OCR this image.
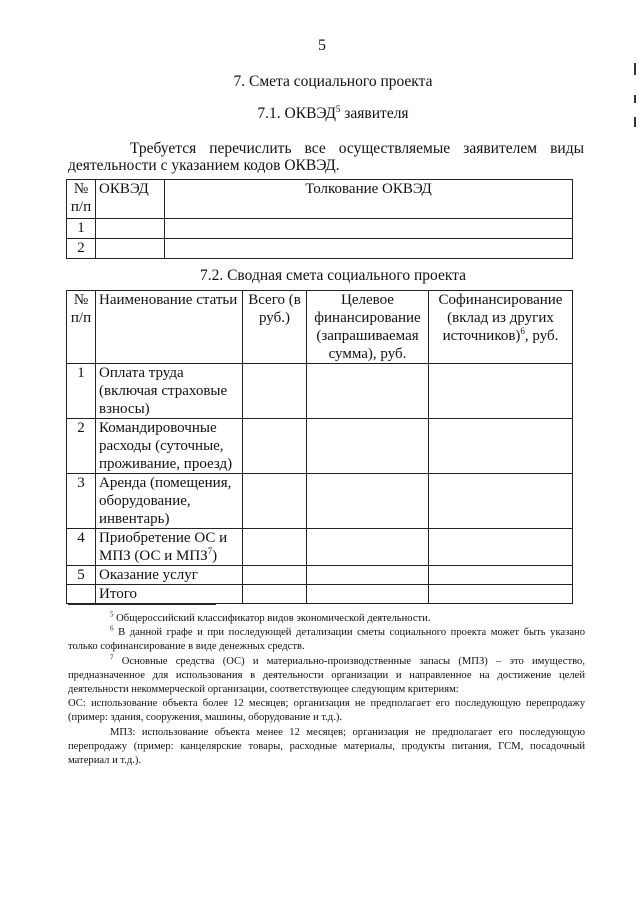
5
7. Смета социального проекта
7.1. ОКВЭД$^5$ заявителя
Требуется перечислить все осуществляемые заявителем виды
деятельности с указанием кодов ОКВЭД.
№ п/п	ОКВЭД	Толкование ОКВЭД
1		
2		
7.2. Сводная смета социального проекта
№ п/п	Наименование статьи	Всего (в руб.)	Целевое финансирование (запрашиваемая сумма), руб.	Софинансирование (вклад из других источников)$^6$, руб.
1	Оплата труда (включая страховые взносы)			
2	Командировочные расходы (суточные, проживание, проезд)			
3	Аренда (помещения, оборудование, инвентарь)			
4	Приобретение ОС и МПЗ (ОС и МПЗ$^7$)			
5	Оказание услуг			
	Итого			

$^5$ Общероссийский классификатор видов экономической деятельности.

$^6$ В данной графе и при последующей детализации сметы социального проекта может быть указано только софинансирование в виде денежных средств.

$^7$ Основные средства (ОС) и материально-производственные запасы (МПЗ) – это имущество, предназначенное для использования в деятельности организации и направленное на достижение целей деятельности некоммерческой организации, соответствующее следующим критериям:

ОС: использование объекта более 12 месяцев; организация не предполагает его последующую перепродажу (пример: здания, сооружения, машины, оборудование и т.д.).

МПЗ: использование объекта менее 12 месяцев; организация не предполагает его последующую перепродажу (пример: канцелярские товары, расходные материалы, продукты питания, ГСМ, посадочный материал и т.д.).
